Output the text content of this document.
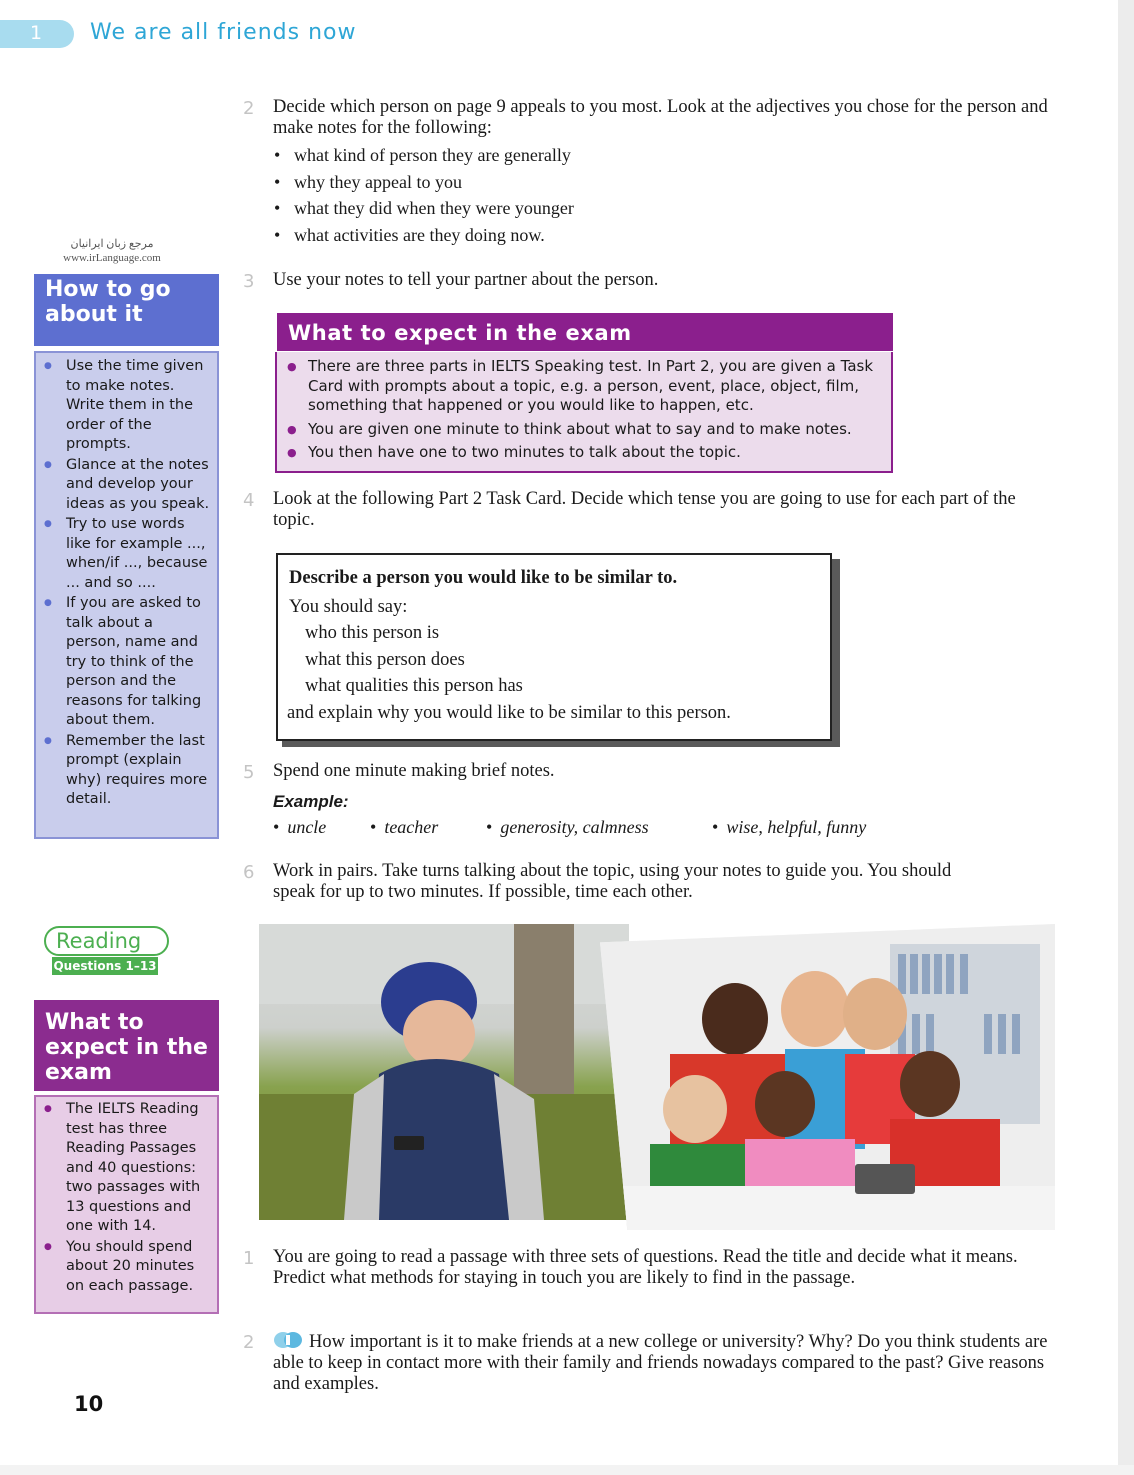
1 We are all friends now
مرجع زبان ایرانیان
www.irLanguage.com
How to go about it
● Use the time given to make notes. Write them in the order of the prompts.
● Glance at the notes and develop your ideas as you speak.
● Try to use words like for example ..., when/if ..., because ... and so ....
● If you are asked to talk about a person, name and try to think of the person and the reasons for talking about them.
● Remember the last prompt (explain why) requires more detail.
Reading
Questions 1–13
What to expect in the exam
● The IELTS Reading test has three Reading Passages and 40 questions: two passages with 13 questions and one with 14.
● You should spend about 20 minutes on each passage.
10
2 Decide which person on page 9 appeals to you most. Look at the adjectives you chose for the person and make notes for the following:
• what kind of person they are generally
• why they appeal to you
• what they did when they were younger
• what activities are they doing now.
3 Use your notes to tell your partner about the person.
What to expect in the exam
● There are three parts in IELTS Speaking test. In Part 2, you are given a Task Card with prompts about a topic, e.g. a person, event, place, object, film, something that happened or you would like to happen, etc.
● You are given one minute to think about what to say and to make notes.
● You then have one to two minutes to talk about the topic.
4 Look at the following Part 2 Task Card. Decide which tense you are going to use for each part of the topic.
Describe a person you would like to be similar to.
You should say:
who this person is
what this person does
what qualities this person has
and explain why you would like to be similar to this person.
5 Spend one minute making brief notes.
Example:
• uncle	• teacher	• generosity, calmness	• wise, helpful, funny
6 Work in pairs. Take turns talking about the topic, using your notes to guide you. You should speak for up to two minutes. If possible, time each other.
1 You are going to read a passage with three sets of questions. Read the title and decide what it means. Predict what methods for staying in touch you are likely to find in the passage.
2	How important is it to make friends at a new college or university? Why? Do you think students are able to keep in contact more with their family and friends nowadays compared to the past? Give reasons and examples.
